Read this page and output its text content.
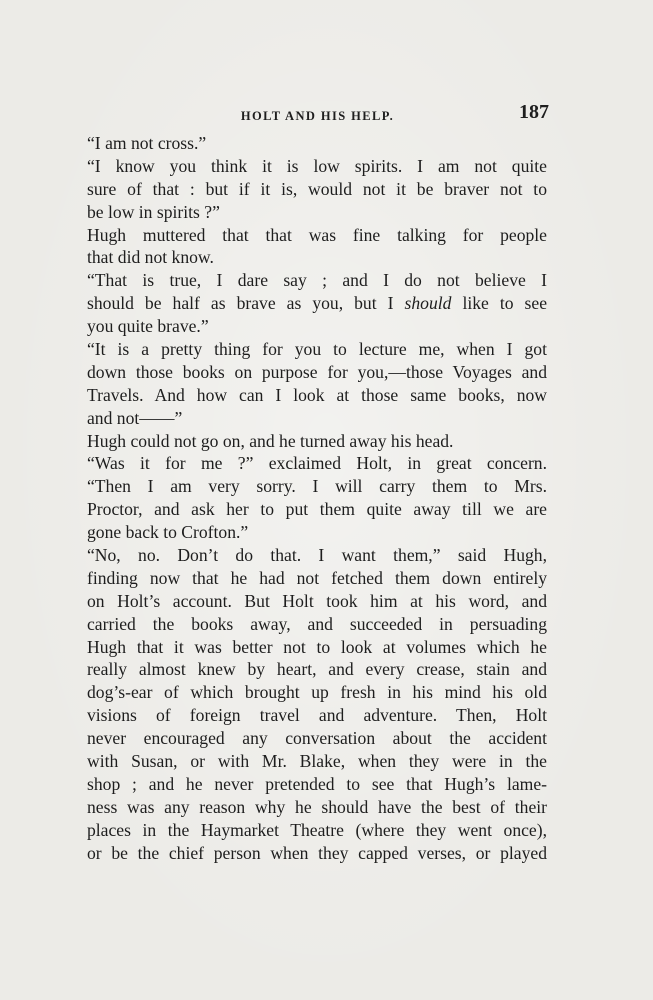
HOLT AND HIS HELP.	187
“I am not cross.”
“I know you think it is low spirits. I am not quite
sure of that : but if it is, would not it be braver not to
be low in spirits ?”
Hugh muttered that that was fine talking for people
that did not know.
“That is true, I dare say ; and I do not believe I
should be half as brave as you, but I should like to see
you quite brave.”
“It is a pretty thing for you to lecture me, when I got
down those books on purpose for you,—those Voyages and
Travels. And how can I look at those same books, now
and not——”
Hugh could not go on, and he turned away his head.
“Was it for me ?” exclaimed Holt, in great concern.
“Then I am very sorry. I will carry them to Mrs.
Proctor, and ask her to put them quite away till we are
gone back to Crofton.”
“No, no. Don’t do that. I want them,” said Hugh,
finding now that he had not fetched them down entirely
on Holt’s account. But Holt took him at his word, and
carried the books away, and succeeded in persuading
Hugh that it was better not to look at volumes which he
really almost knew by heart, and every crease, stain and
dog’s-ear of which brought up fresh in his mind his old
visions of foreign travel and adventure. Then, Holt
never encouraged any conversation about the accident
with Susan, or with Mr. Blake, when they were in the
shop ; and he never pretended to see that Hugh’s lame-
ness was any reason why he should have the best of their
places in the Haymarket Theatre (where they went once),
or be the chief person when they capped verses, or played
